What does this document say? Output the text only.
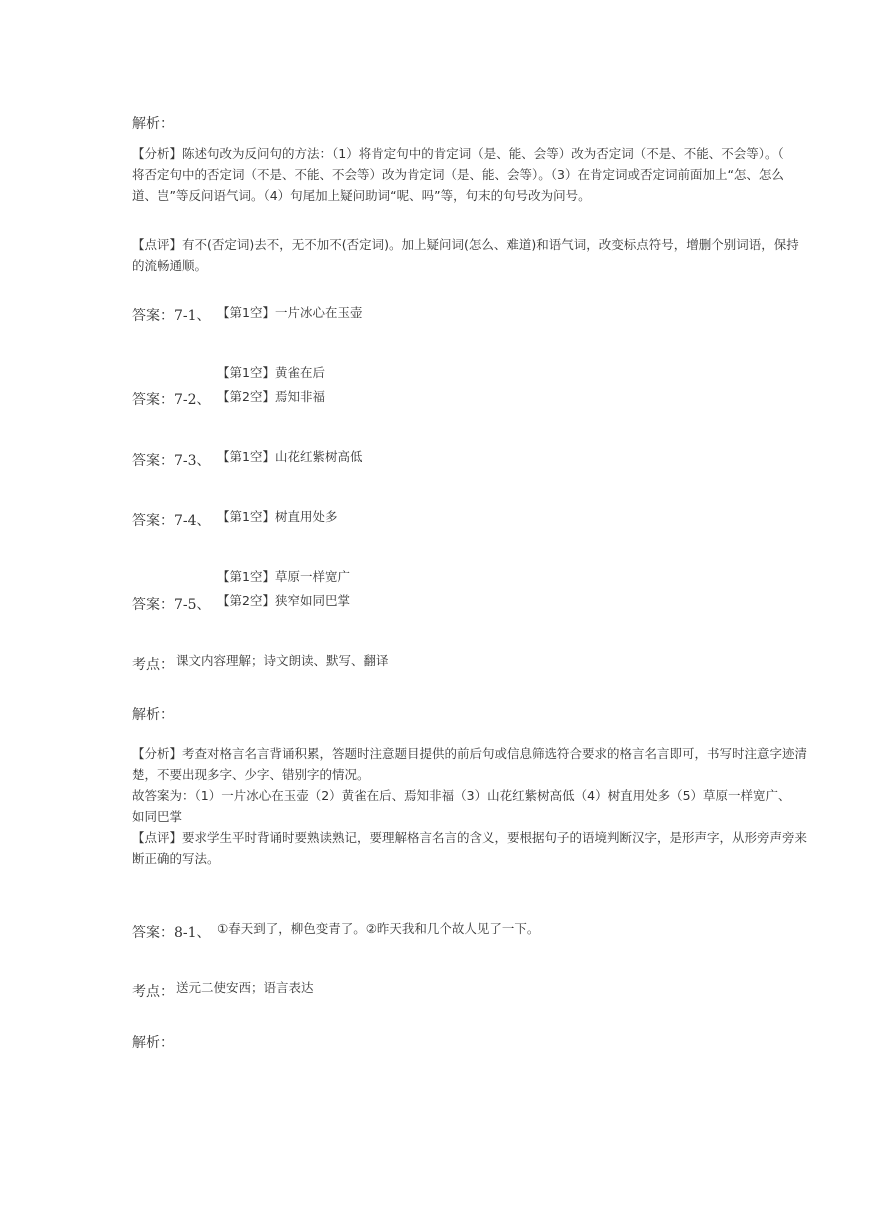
解析：
【分析】陈述句改为反问句的方法：（1）将肯定句中的肯定词（是、能、会等）改为否定词（不是、不能、不会等）。（
将否定句中的否定词（不是、不能、不会等）改为肯定词（是、能、会等）。（3）在肯定词或否定词前面加上“怎、怎么
道、岂”等反问语气词。（4）句尾加上疑问助词“呢、吗”等，句末的句号改为问号。
【点评】有不(否定词)去不，无不加不(否定词)。加上疑问词(怎么、难道)和语气词，改变标点符号，增删个别词语，保持
的流畅通顺。
答案：7-1、 【第1空】一片冰心在玉壶
【第1空】黄雀在后
答案：7-2、 【第2空】焉知非福
答案：7-3、 【第1空】山花红紫树高低
答案：7-4、 【第1空】树直用处多
【第1空】草原一样宽广
答案：7-5、 【第2空】狭窄如同巴掌
考点： 课文内容理解；诗文朗读、默写、翻译
解析：
【分析】考查对格言名言背诵积累，答题时注意题目提供的前后句或信息筛选符合要求的格言名言即可，书写时注意字迹清
楚，不要出现多字、少字、错别字的情况。
故答案为：（1）一片冰心在玉壶（2）黄雀在后、焉知非福（3）山花红紫树高低（4）树直用处多（5）草原一样宽广、
如同巴掌
【点评】要求学生平时背诵时要熟读熟记，要理解格言名言的含义，要根据句子的语境判断汉字，是形声字，从形旁声旁来
断正确的写法。
答案：8-1、 ①春天到了，柳色变青了。②昨天我和几个故人见了一下。
考点： 送元二使安西；语言表达
解析：
